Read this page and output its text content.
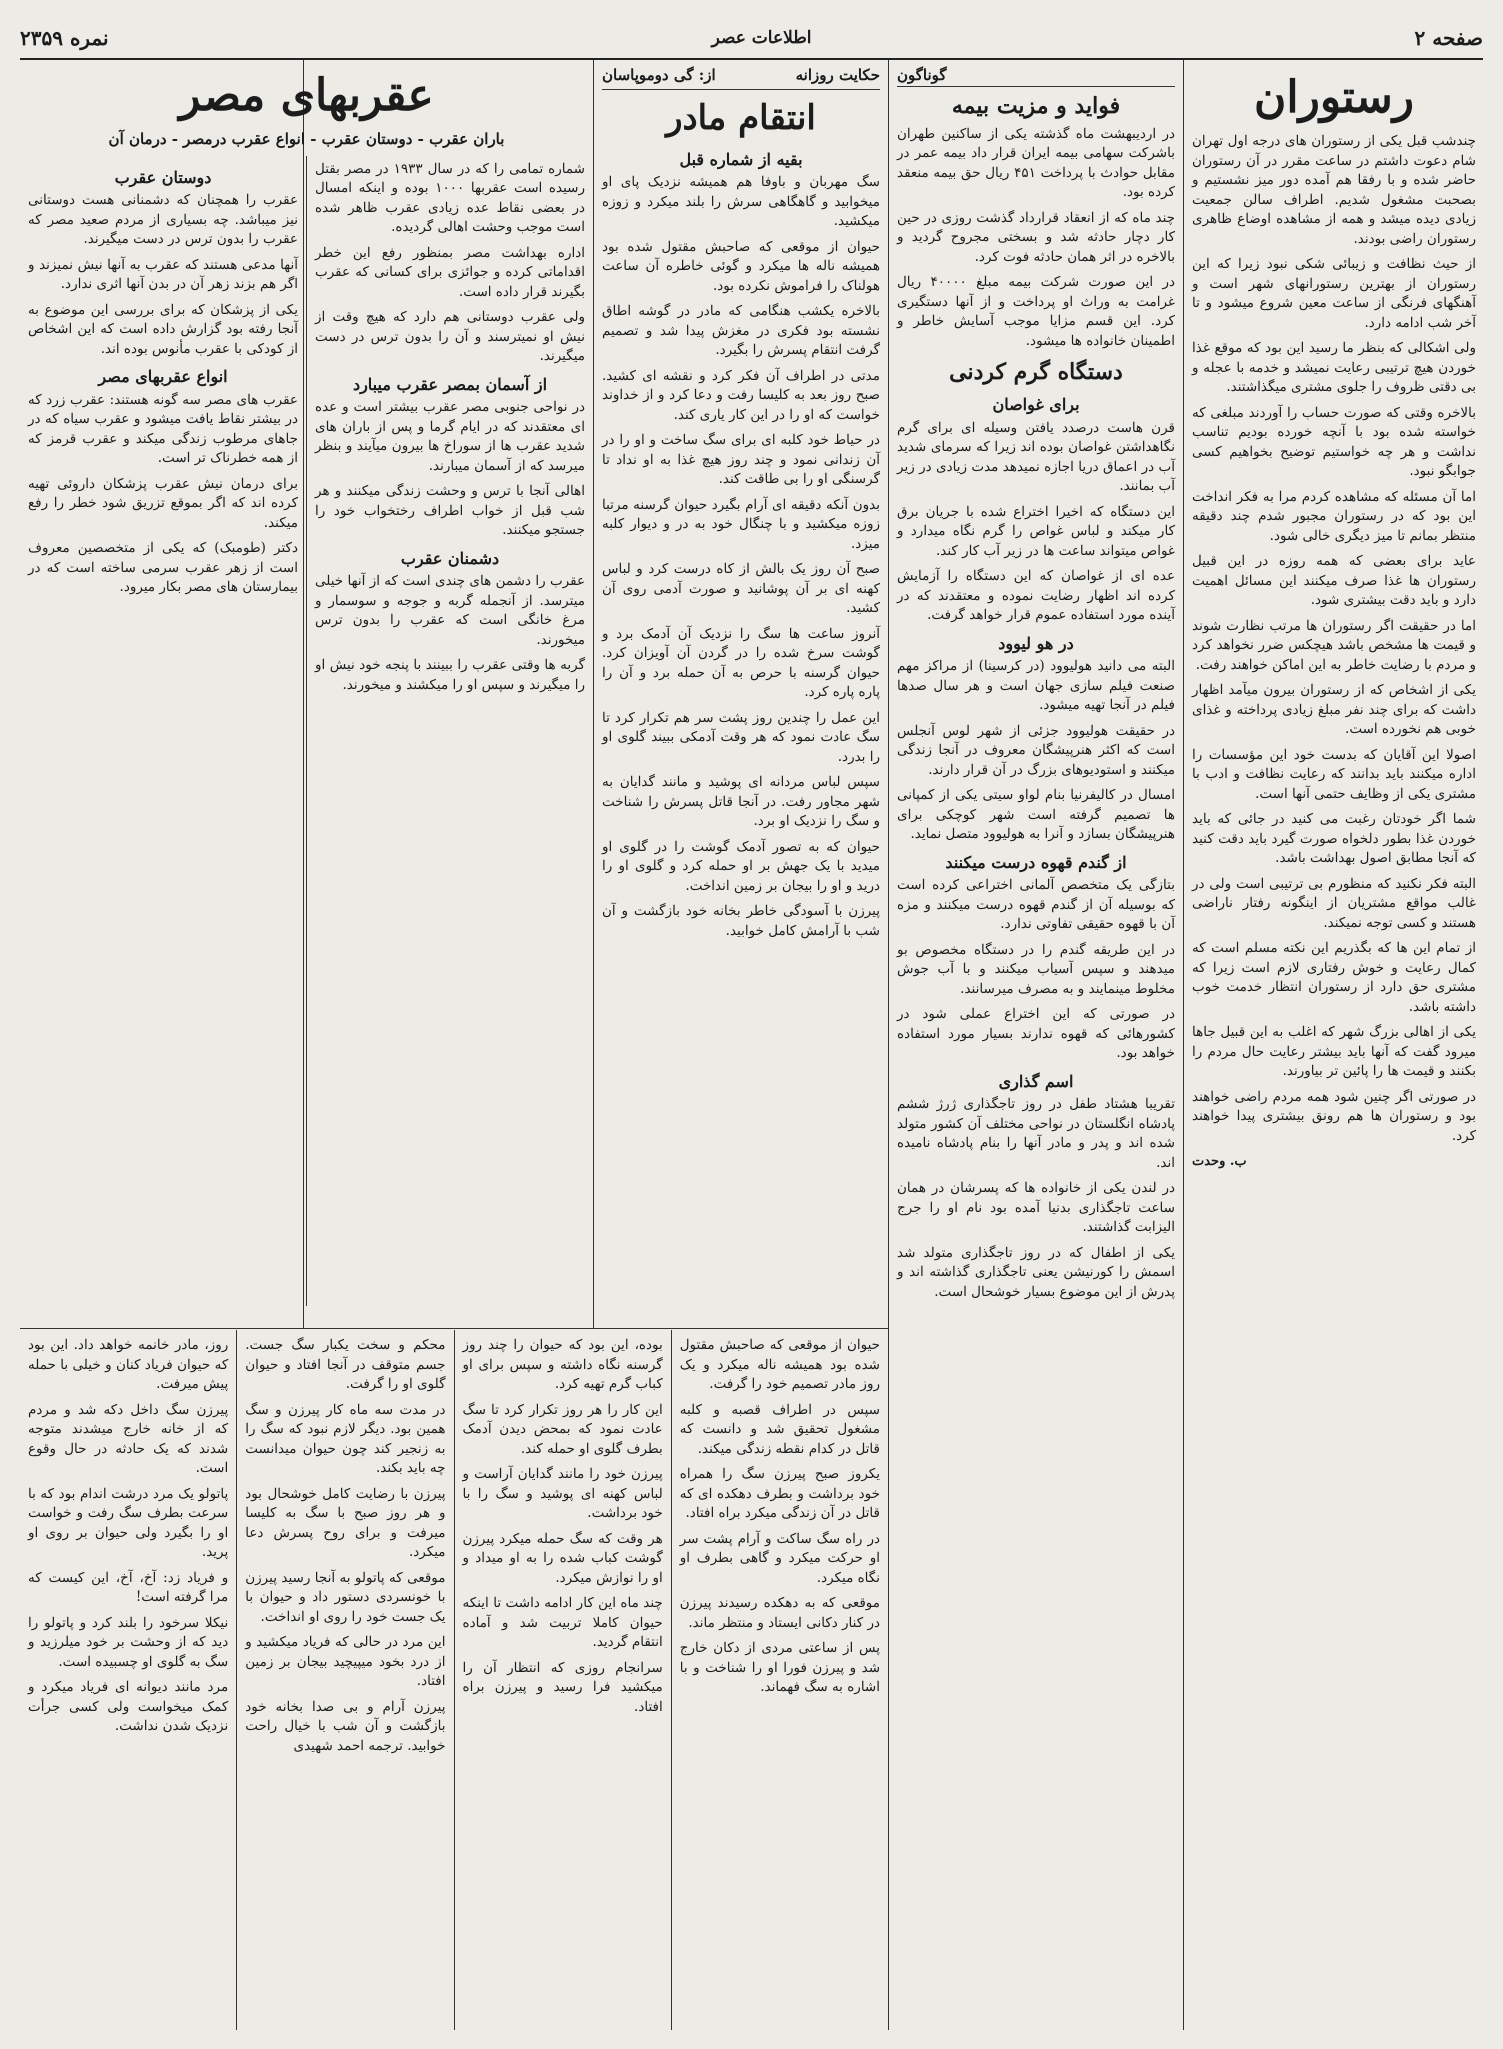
صفحه ۲
اطلاعات عصر
نمره ۲۳۵۹
رستوران

چندشب قبل یکی از رستوران های درجه اول تهران شام دعوت داشتم در ساعت مقرر در آن رستوران حاضر شده و با رفقا هم آمده دور میز نشستیم و بصحبت مشغول شدیم. اطراف سالن جمعیت زیادی دیده میشد و همه از مشاهده اوضاع ظاهری رستوران راضی بودند.

از حیث نظافت و زیبائی شکی نبود زیرا که این رستوران از بهترین رستورانهای شهر است و آهنگهای فرنگی از ساعت معین شروع میشود و تا آخر شب ادامه دارد.

ولی اشکالی که بنظر ما رسید این بود که موقع غذا خوردن هیچ ترتیبی رعایت نمیشد و خدمه با عجله و بی دقتی ظروف را جلوی مشتری میگذاشتند.

بالاخره وقتی که صورت حساب را آوردند مبلغی که خواسته شده بود با آنچه خورده بودیم تناسب نداشت و هر چه خواستیم توضیح بخواهیم کسی جوابگو نبود.

اما آن مسئله که مشاهده کردم مرا به فکر انداخت این بود که در رستوران مجبور شدم چند دقیقه منتظر بمانم تا میز دیگری خالی شود.

عاید برای بعضی که همه روزه در این قبیل رستوران ها غذا صرف میکنند این مسائل اهمیت دارد و باید دقت بیشتری شود.

اما در حقیقت اگر رستوران ها مرتب نظارت شوند و قیمت ها مشخص باشد هیچکس ضرر نخواهد کرد و مردم با رضایت خاطر به این اماکن خواهند رفت.

یکی از اشخاص که از رستوران بیرون میآمد اظهار داشت که برای چند نفر مبلغ زیادی پرداخته و غذای خوبی هم نخورده است.

اصولا این آقایان که بدست خود این مؤسسات را اداره میکنند باید بدانند که رعایت نظافت و ادب با مشتری یکی از وظایف حتمی آنها است.

شما اگر خودتان رغبت می کنید در جائی که باید خوردن غذا بطور دلخواه صورت گیرد باید دقت کنید که آنجا مطابق اصول بهداشت باشد.

البته فکر نکنید که منظورم بی ترتیبی است ولی در غالب مواقع مشتریان از اینگونه رفتار ناراضی هستند و کسی توجه نمیکند.

از تمام این ها که بگذریم این نکته مسلم است که کمال رعایت و خوش رفتاری لازم است زیرا که مشتری حق دارد از رستوران انتظار خدمت خوب داشته باشد.

یکی از اهالی بزرگ شهر که اغلب به این قبیل جاها میرود گفت که آنها باید بیشتر رعایت حال مردم را بکنند و قیمت ها را پائین تر بیاورند.

در صورتی اگر چنین شود همه مردم راضی خواهند بود و رستوران ها هم رونق بیشتری پیدا خواهند کرد.

ب. وحدت
گوناگون
فواید و مزیت بیمه

در اردیبهشت ماه گذشته یکی از ساکنین طهران باشرکت سهامی بیمه ایران قرار داد بیمه عمر در مقابل حوادث با پرداخت ۴۵۱ ریال حق بیمه منعقد کرده بود.

چند ماه که از انعقاد قرارداد گذشت روزی در حین کار دچار حادثه شد و بسختی مجروح گردید و بالاخره در اثر همان حادثه فوت کرد.

در این صورت شرکت بیمه مبلغ ۴۰۰۰۰ ریال غرامت به وراث او پرداخت و از آنها دستگیری کرد. این قسم مزایا موجب آسایش خاطر و اطمینان خانواده ها میشود.

دستگاه گرم کردنی
برای غواصان

قرن هاست درصدد یافتن وسیله ای برای گرم نگاهداشتن غواصان بوده اند زیرا که سرمای شدید آب در اعماق دریا اجازه نمیدهد مدت زیادی در زیر آب بمانند.

این دستگاه که اخیرا اختراع شده با جریان برق کار میکند و لباس غواص را گرم نگاه میدارد و غواص میتواند ساعت ها در زیر آب کار کند.

عده ای از غواصان که این دستگاه را آزمایش کرده اند اظهار رضایت نموده و معتقدند که در آینده مورد استفاده عموم قرار خواهد گرفت.

در هو لیوود

البته می دانید هولیوود (در کرسینا) از مراکز مهم صنعت فیلم سازی جهان است و هر سال صدها فیلم در آنجا تهیه میشود.

در حقیقت هولیوود جزئی از شهر لوس آنجلس است که اکثر هنرپیشگان معروف در آنجا زندگی میکنند و استودیوهای بزرگ در آن قرار دارند.

امسال در کالیفرنیا بنام لواو سیتی یکی از کمپانی ها تصمیم گرفته است شهر کوچکی برای هنرپیشگان بسازد و آنرا به هولیوود متصل نماید.

از گندم قهوه درست میکنند

بتازگی یک متخصص آلمانی اختراعی کرده است که بوسیله آن از گندم قهوه درست میکنند و مزه آن با قهوه حقیقی تفاوتی ندارد.

در این طریقه گندم را در دستگاه مخصوص بو میدهند و سپس آسیاب میکنند و با آب جوش مخلوط مینمایند و به مصرف میرسانند.

در صورتی که این اختراع عملی شود در کشورهائی که قهوه ندارند بسیار مورد استفاده خواهد بود.

اسم گذاری

تقریبا هشتاد طفل در روز تاجگذاری ژرژ ششم پادشاه انگلستان در نواحی مختلف آن کشور متولد شده اند و پدر و مادر آنها را بنام پادشاه نامیده اند.

در لندن یکی از خانواده ها که پسرشان در همان ساعت تاجگذاری بدنیا آمده بود نام او را جرج الیزابت گذاشتند.

یکی از اطفال که در روز تاجگذاری متولد شد اسمش را کورنیشن یعنی تاجگذاری گذاشته اند و پدرش از این موضوع بسیار خوشحال است.

حکایت روزانه
از: گی دوموپاسان
انتقام مادر
بقیه از شماره قبل

سگ مهربان و باوفا هم همیشه نزدیک پای او میخوابید و گاهگاهی سرش را بلند میکرد و زوزه میکشید.

حیوان از موقعی که صاحبش مقتول شده بود همیشه ناله ها میکرد و گوئی خاطره آن ساعت هولناک را فراموش نکرده بود.

بالاخره یکشب هنگامی که مادر در گوشه اطاق نشسته بود فکری در مغزش پیدا شد و تصمیم گرفت انتقام پسرش را بگیرد.

مدتی در اطراف آن فکر کرد و نقشه ای کشید. صبح روز بعد به کلیسا رفت و دعا کرد و از خداوند خواست که او را در این کار یاری کند.

در حیاط خود کلبه ای برای سگ ساخت و او را در آن زندانی نمود و چند روز هیچ غذا به او نداد تا گرسنگی او را بی طاقت کند.

بدون آنکه دقیقه ای آرام بگیرد حیوان گرسنه مرتبا زوزه میکشید و با چنگال خود به در و دیوار کلبه میزد.

صبح آن روز یک بالش از کاه درست کرد و لباس کهنه ای بر آن پوشانید و صورت آدمی روی آن کشید.

آنروز ساعت ها سگ را نزدیک آن آدمک برد و گوشت سرخ شده را در گردن آن آویزان کرد. حیوان گرسنه با حرص به آن حمله برد و آن را پاره پاره کرد.

این عمل را چندین روز پشت سر هم تکرار کرد تا سگ عادت نمود که هر وقت آدمکی ببیند گلوی او را بدرد.

سپس لباس مردانه ای پوشید و مانند گدایان به شهر مجاور رفت. در آنجا قاتل پسرش را شناخت و سگ را نزدیک او برد.

حیوان که به تصور آدمک گوشت را در گلوی او میدید با یک جهش بر او حمله کرد و گلوی او را درید و او را بیجان بر زمین انداخت.

پیرزن با آسودگی خاطر بخانه خود بازگشت و آن شب با آرامش کامل خوابید.

عقربهای مصر
باران عقرب - دوستان عقرب - انواع عقرب درمصر - درمان آن

شماره تمامی را که در سال ۱۹۳۳ در مصر بقتل رسیده است عقربها ۱۰۰۰ بوده و اینکه امسال در بعضی نقاط عده زیادی عقرب ظاهر شده است موجب وحشت اهالی گردیده.

اداره بهداشت مصر بمنظور رفع این خطر اقداماتی کرده و جوائزی برای کسانی که عقرب بگیرند قرار داده است.

ولی عقرب دوستانی هم دارد که هیچ وقت از نیش او نمیترسند و آن را بدون ترس در دست میگیرند.

از آسمان بمصر عقرب میبارد

در نواحی جنوبی مصر عقرب بیشتر است و عده ای معتقدند که در ایام گرما و پس از باران های شدید عقرب ها از سوراخ ها بیرون میآیند و بنظر میرسد که از آسمان میبارند.

اهالی آنجا با ترس و وحشت زندگی میکنند و هر شب قبل از خواب اطراف رختخواب خود را جستجو میکنند.

دشمنان عقرب

عقرب را دشمن های چندی است که از آنها خیلی میترسد. از آنجمله گربه و جوجه و سوسمار و مرغ خانگی است که عقرب را بدون ترس میخورند.

گربه ها وقتی عقرب را ببینند با پنجه خود نیش او را میگیرند و سپس او را میکشند و میخورند.

دوستان عقرب

عقرب را همچنان که دشمنانی هست دوستانی نیز میباشد. چه بسیاری از مردم صعید مصر که عقرب را بدون ترس در دست میگیرند.

آنها مدعی هستند که عقرب به آنها نیش نمیزند و اگر هم بزند زهر آن در بدن آنها اثری ندارد.

یکی از پزشکان که برای بررسی این موضوع به آنجا رفته بود گزارش داده است که این اشخاص از کودکی با عقرب مأنوس بوده اند.

انواع عقربهای مصر

عقرب های مصر سه گونه هستند: عقرب زرد که در بیشتر نقاط یافت میشود و عقرب سیاه که در جاهای مرطوب زندگی میکند و عقرب قرمز که از همه خطرناک تر است.

برای درمان نیش عقرب پزشکان داروئی تهیه کرده اند که اگر بموقع تزریق شود خطر را رفع میکند.

دکتر (طومبک) که یکی از متخصصین معروف است از زهر عقرب سرمی ساخته است که در بیمارستان های مصر بکار میرود.

حیوان از موقعی که صاحبش مقتول شده بود همیشه ناله میکرد و یک روز مادر تصمیم خود را گرفت.

سپس در اطراف قصبه و کلبه مشغول تحقیق شد و دانست که قاتل در کدام نقطه زندگی میکند.

یکروز صبح پیرزن سگ را همراه خود برداشت و بطرف دهکده ای که قاتل در آن زندگی میکرد براه افتاد.

در راه سگ ساکت و آرام پشت سر او حرکت میکرد و گاهی بطرف او نگاه میکرد.

موقعی که به دهکده رسیدند پیرزن در کنار دکانی ایستاد و منتظر ماند.

پس از ساعتی مردی از دکان خارج شد و پیرزن فورا او را شناخت و با اشاره به سگ فهماند.

بوده، این بود که حیوان را چند روز گرسنه نگاه داشته و سپس برای او کباب گرم تهیه کرد.

این کار را هر روز تکرار کرد تا سگ عادت نمود که بمحض دیدن آدمک بطرف گلوی او حمله کند.

پیرزن خود را مانند گدایان آراست و لباس کهنه ای پوشید و سگ را با خود برداشت.

هر وقت که سگ حمله میکرد پیرزن گوشت کباب شده را به او میداد و او را نوازش میکرد.

چند ماه این کار ادامه داشت تا اینکه حیوان کاملا تربیت شد و آماده انتقام گردید.

سرانجام روزی که انتظار آن را میکشید فرا رسید و پیرزن براه افتاد.

محکم و سخت یکبار سگ جست. جسم متوقف در آنجا افتاد و حیوان گلوی او را گرفت.

در مدت سه ماه کار پیرزن و سگ همین بود. دیگر لازم نبود که سگ را به زنجیر کند چون حیوان میدانست چه باید بکند.

پیرزن با رضایت کامل خوشحال بود و هر روز صبح با سگ به کلیسا میرفت و برای روح پسرش دعا میکرد.

موقعی که پاتولو به آنجا رسید پیرزن با خونسردی دستور داد و حیوان با یک جست خود را روی او انداخت.

این مرد در حالی که فریاد میکشید و از درد بخود میپیچید بیجان بر زمین افتاد.

پیرزن آرام و بی صدا بخانه خود بازگشت و آن شب با خیال راحت خوابید. ترجمه احمد شهیدی

روز، مادر خانمه خواهد داد. این بود که حیوان فریاد کنان و خیلی با حمله پیش میرفت.

پیرزن سگ داخل دکه شد و مردم که از خانه خارج میشدند متوجه شدند که یک حادثه در حال وقوع است.

پاتولو یک مرد درشت اندام بود که با سرعت بطرف سگ رفت و خواست او را بگیرد ولی حیوان بر روی او پرید.

و فریاد زد: آخ، آخ، این کیست که مرا گرفته است!

نیکلا سرخود را بلند کرد و پاتولو را دید که از وحشت بر خود میلرزید و سگ به گلوی او چسبیده است.

مرد مانند دیوانه ای فریاد میکرد و کمک میخواست ولی کسی جرأت نزدیک شدن نداشت.
